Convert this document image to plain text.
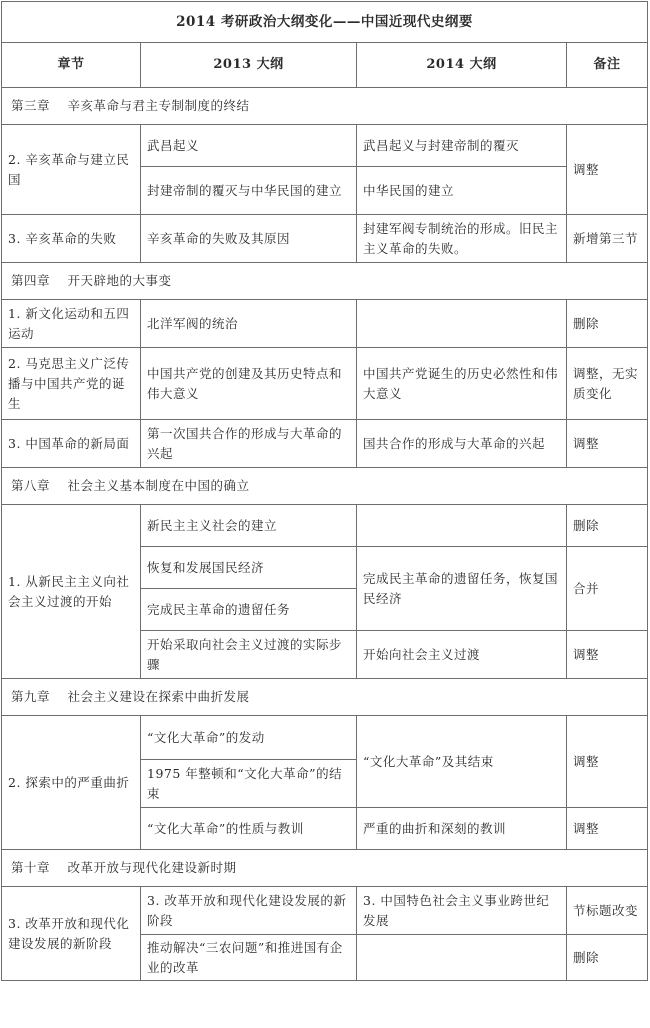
2014 考研政治大纲变化——中国近现代史纲要			
章节	2013 大纲	2014 大纲	备注
第三章　 辛亥革命与君主专制制度的终结			
2. 辛亥革命与建立民国	武昌起义	武昌起义与封建帝制的覆灭	调整
	封建帝制的覆灭与中华民国的建立	中华民国的建立	
3. 辛亥革命的失败	辛亥革命的失败及其原因	封建军阀专制统治的形成。旧民主主义革命的失败。	新增第三节
第四章　 开天辟地的大事变			
1. 新文化运动和五四运动	北洋军阀的统治		删除
2. 马克思主义广泛传播与中国共产党的诞生	中国共产党的创建及其历史特点和伟大意义	中国共产党诞生的历史必然性和伟大意义	调整，无实质变化
3. 中国革命的新局面	第一次国共合作的形成与大革命的兴起	国共合作的形成与大革命的兴起	调整
第八章　 社会主义基本制度在中国的确立			
1. 从新民主主义向社会主义过渡的开始	新民主主义社会的建立		删除
	恢复和发展国民经济	完成民主革命的遗留任务，恢复国民经济	合并
	完成民主革命的遗留任务		
	开始采取向社会主义过渡的实际步骤	开始向社会主义过渡	调整
第九章　 社会主义建设在探索中曲折发展			
2. 探索中的严重曲折	“文化大革命”的发动	“文化大革命”及其结束	调整
	1975 年整顿和“文化大革命”的结束		
	“文化大革命”的性质与教训	严重的曲折和深刻的教训	调整
第十章　 改革开放与现代化建设新时期			
3. 改革开放和现代化建设发展的新阶段	3. 改革开放和现代化建设发展的新阶段	3. 中国特色社会主义事业跨世纪发展	节标题改变
	推动解决“三农问题”和推进国有企业的改革		删除
